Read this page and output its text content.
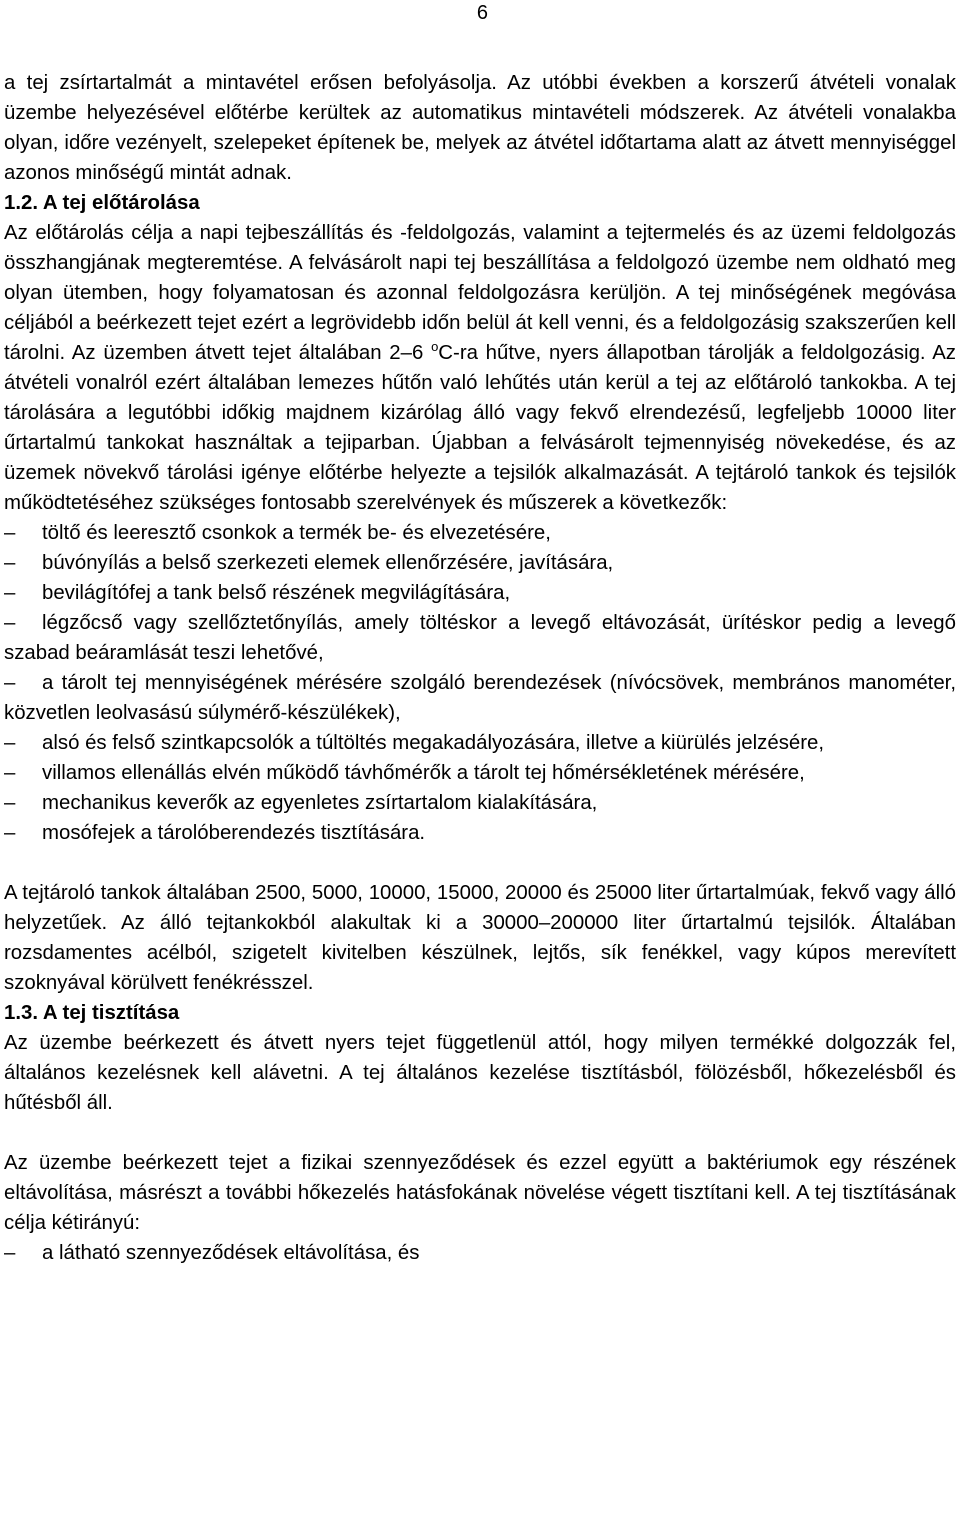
6

a tej zsírtartalmát a mintavétel erősen befolyásolja. Az utóbbi években a korszerű átvételi vonalak üzembe helyezésével előtérbe kerültek az automatikus mintavételi módszerek. Az átvételi vonalakba olyan, időre vezényelt, szelepeket építenek be, melyek az átvétel időtartama alatt az átvett mennyiséggel azonos minőségű mintát adnak.

1.2. A tej előtárolása

Az előtárolás célja a napi tejbeszállítás és -feldolgozás, valamint a tejtermelés és az üzemi feldolgozás összhangjának megteremtése. A felvásárolt napi tej beszállítása a feldolgozó üzembe nem oldható meg olyan ütemben, hogy folyamatosan és azonnal feldolgozásra kerüljön. A tej minőségének megóvása céljából a beérkezett tejet ezért a legrövidebb időn belül át kell venni, és a feldolgozásig szakszerűen kell tárolni. Az üzemben átvett tejet általában 2–6 $^o$C-ra hűtve, nyers állapotban tárolják a feldolgozásig. Az átvételi vonalról ezért általában lemezes hűtőn való lehűtés után kerül a tej az előtároló tankokba. A tej tárolására a legutóbbi időkig majdnem kizárólag álló vagy fekvő elrendezésű, legfeljebb 10000 liter űrtartalmú tankokat használtak a tejiparban. Újabban a felvásárolt tejmennyiség növekedése, és az üzemek növekvő tárolási igénye előtérbe helyezte a tejsilók alkalmazását. A tejtároló tankok és tejsilók működtetéséhez szükséges fontosabb szerelvények és műszerek a következők:

– töltő és leeresztő csonkok a termék be- és elvezetésére,
– búvónyílás a belső szerkezeti elemek ellenőrzésére, javítására,
– bevilágítófej a tank belső részének megvilágítására,
– légzőcső vagy szellőztetőnyílás, amely töltéskor a levegő eltávozását, ürítéskor pedig a levegő szabad beáramlását teszi lehetővé,
– a tárolt tej mennyiségének mérésére szolgáló berendezések (nívócsövek, membrános manométer, közvetlen leolvasású súlymérő-készülékek),
– alsó és felső szintkapcsolók a túltöltés megakadályozására, illetve a kiürülés jelzésére,
– villamos ellenállás elvén működő távhőmérők a tárolt tej hőmérsékletének mérésére,
– mechanikus keverők az egyenletes zsírtartalom kialakítására,
– mosófejek a tárolóberendezés tisztítására.

A tejtároló tankok általában 2500, 5000, 10000, 15000, 20000 és 25000 liter űrtartalmúak, fekvő vagy álló helyzetűek. Az álló tejtankokból alakultak ki a 30000–200000 liter űrtartalmú tejsilók. Általában rozsdamentes acélból, szigetelt kivitelben készülnek, lejtős, sík fenékkel, vagy kúpos merevített szoknyával körülvett fenékrésszel.

1.3. A tej tisztítása

Az üzembe beérkezett és átvett nyers tejet függetlenül attól, hogy milyen termékké dolgozzák fel, általános kezelésnek kell alávetni. A tej általános kezelése tisztításból, fölözésből, hőkezelésből és hűtésből áll.

Az üzembe beérkezett tejet a fizikai szennyeződések és ezzel együtt a baktériumok egy részének eltávolítása, másrészt a további hőkezelés hatásfokának növelése végett tisztítani kell. A tej tisztításának célja kétirányú:

– a látható szennyeződések eltávolítása, és
